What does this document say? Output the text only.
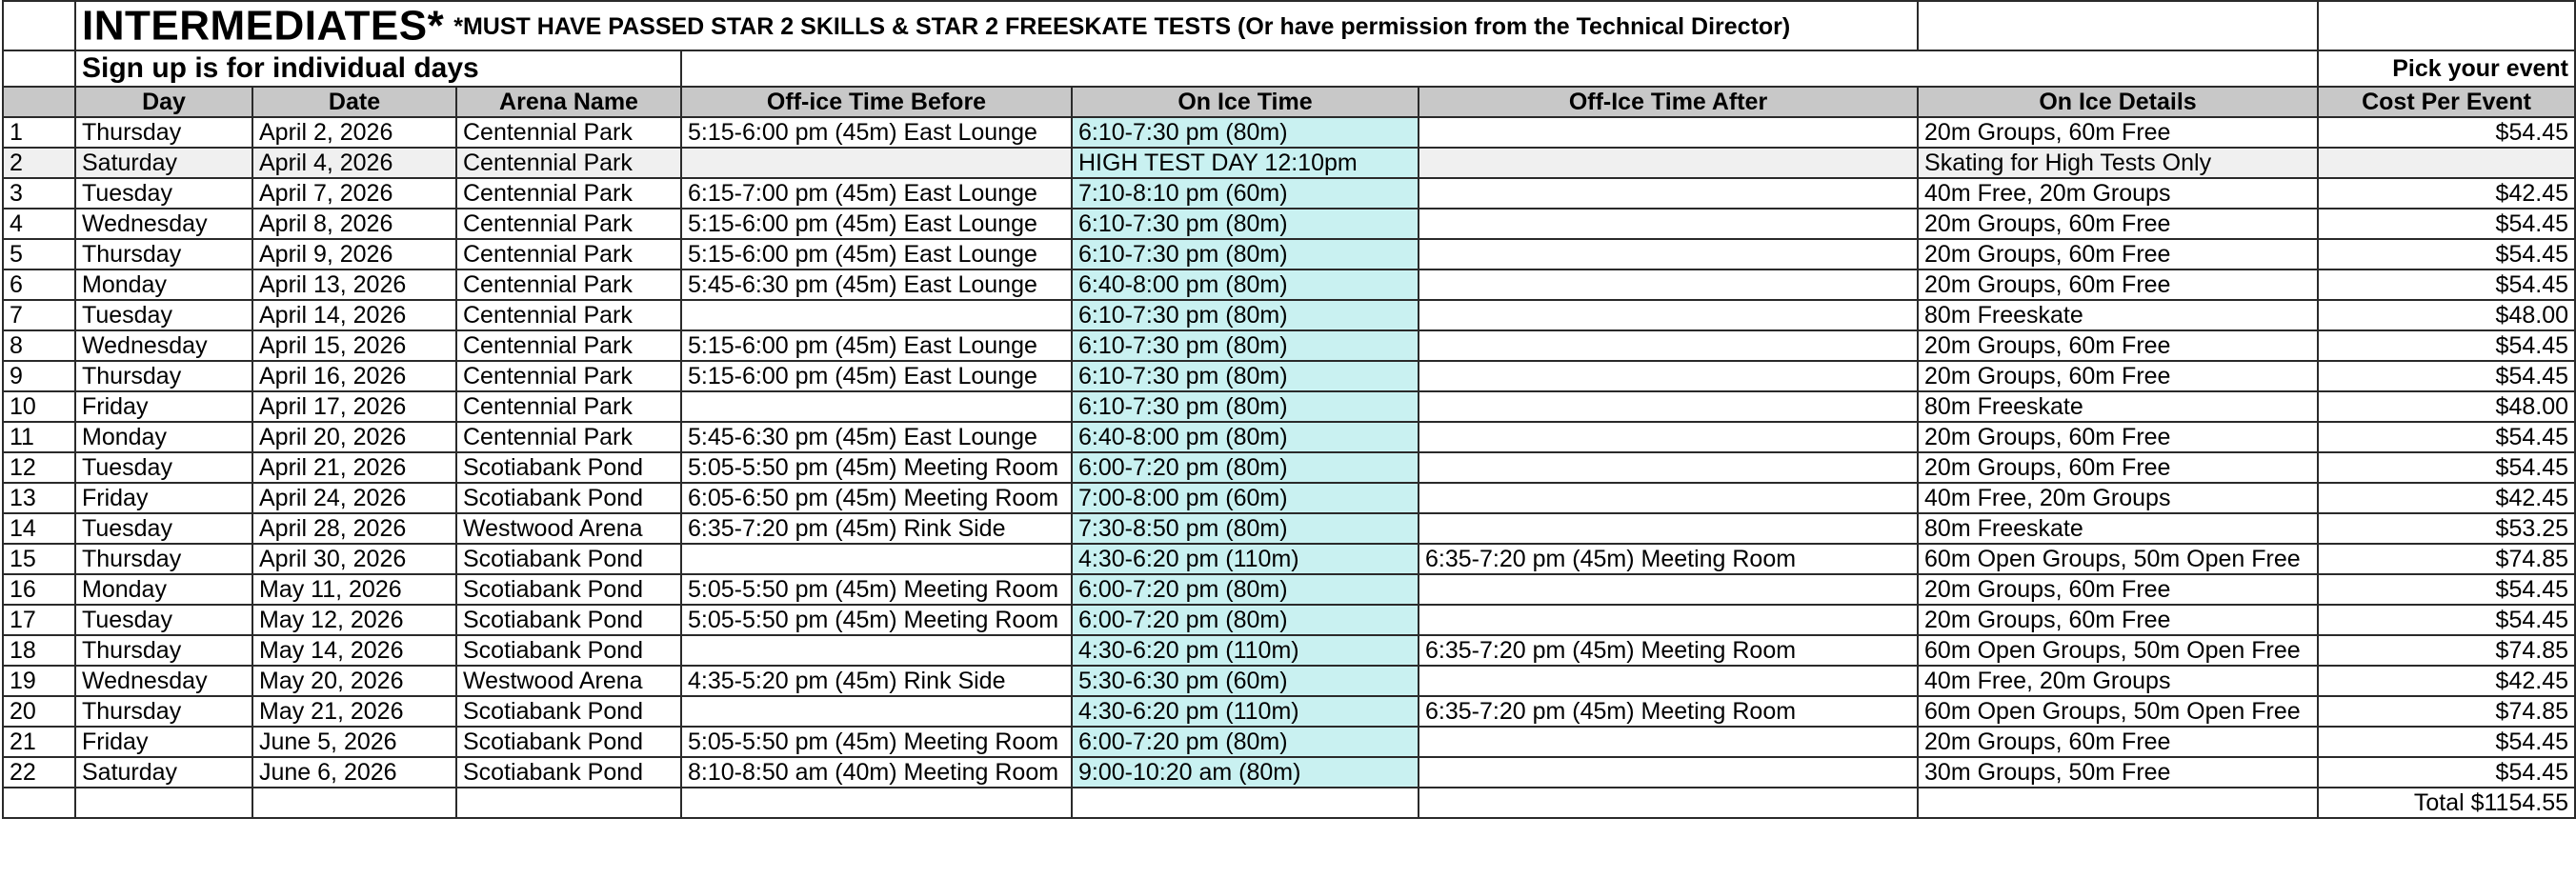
	INTERMEDIATES* *MUST HAVE PASSED STAR 2 SKILLS & STAR 2 FREESKATE TESTS (Or have permission from the Technical Director)							
	Sign up is for individual days							Pick your event
	Day	Date	Arena Name	Off-ice Time Before	On Ice Time	Off-Ice Time After	On Ice Details	Cost Per Event
1	Thursday	April 2, 2026	Centennial Park	5:15-6:00 pm (45m) East Lounge	6:10-7:30 pm (80m)		20m Groups, 60m Free	$54.45
2	Saturday	April 4, 2026	Centennial Park		HIGH TEST DAY 12:10pm		Skating for High Tests Only	
3	Tuesday	April 7, 2026	Centennial Park	6:15-7:00 pm (45m) East Lounge	7:10-8:10 pm (60m)		40m Free, 20m Groups	$42.45
4	Wednesday	April 8, 2026	Centennial Park	5:15-6:00 pm (45m) East Lounge	6:10-7:30 pm (80m)		20m Groups, 60m Free	$54.45
5	Thursday	April 9, 2026	Centennial Park	5:15-6:00 pm (45m) East Lounge	6:10-7:30 pm (80m)		20m Groups, 60m Free	$54.45
6	Monday	April 13, 2026	Centennial Park	5:45-6:30 pm (45m) East Lounge	6:40-8:00 pm (80m)		20m Groups, 60m Free	$54.45
7	Tuesday	April 14, 2026	Centennial Park		6:10-7:30 pm (80m)		80m Freeskate	$48.00
8	Wednesday	April 15, 2026	Centennial Park	5:15-6:00 pm (45m) East Lounge	6:10-7:30 pm (80m)		20m Groups, 60m Free	$54.45
9	Thursday	April 16, 2026	Centennial Park	5:15-6:00 pm (45m) East Lounge	6:10-7:30 pm (80m)		20m Groups, 60m Free	$54.45
10	Friday	April 17, 2026	Centennial Park		6:10-7:30 pm (80m)		80m Freeskate	$48.00
11	Monday	April 20, 2026	Centennial Park	5:45-6:30 pm (45m) East Lounge	6:40-8:00 pm (80m)		20m Groups, 60m Free	$54.45
12	Tuesday	April 21, 2026	Scotiabank Pond	5:05-5:50 pm (45m) Meeting Room	6:00-7:20 pm (80m)		20m Groups, 60m Free	$54.45
13	Friday	April 24, 2026	Scotiabank Pond	6:05-6:50 pm (45m) Meeting Room	7:00-8:00 pm (60m)		40m Free, 20m Groups	$42.45
14	Tuesday	April 28, 2026	Westwood Arena	6:35-7:20 pm (45m) Rink Side	7:30-8:50 pm (80m)		80m Freeskate	$53.25
15	Thursday	April 30, 2026	Scotiabank Pond		4:30-6:20 pm (110m)	6:35-7:20 pm (45m) Meeting Room	60m Open Groups, 50m Open Free	$74.85
16	Monday	May 11, 2026	Scotiabank Pond	5:05-5:50 pm (45m) Meeting Room	6:00-7:20 pm (80m)		20m Groups, 60m Free	$54.45
17	Tuesday	May 12, 2026	Scotiabank Pond	5:05-5:50 pm (45m) Meeting Room	6:00-7:20 pm (80m)		20m Groups, 60m Free	$54.45
18	Thursday	May 14, 2026	Scotiabank Pond		4:30-6:20 pm (110m)	6:35-7:20 pm (45m) Meeting Room	60m Open Groups, 50m Open Free	$74.85
19	Wednesday	May 20, 2026	Westwood Arena	4:35-5:20 pm (45m) Rink Side	5:30-6:30 pm (60m)		40m Free, 20m Groups	$42.45
20	Thursday	May 21, 2026	Scotiabank Pond		4:30-6:20 pm (110m)	6:35-7:20 pm (45m) Meeting Room	60m Open Groups, 50m Open Free	$74.85
21	Friday	June 5, 2026	Scotiabank Pond	5:05-5:50 pm (45m) Meeting Room	6:00-7:20 pm (80m)		20m Groups, 60m Free	$54.45
22	Saturday	June 6, 2026	Scotiabank Pond	8:10-8:50 am (40m) Meeting Room	9:00-10:20 am (80m)		30m Groups, 50m Free	$54.45
								Total $1154.55
